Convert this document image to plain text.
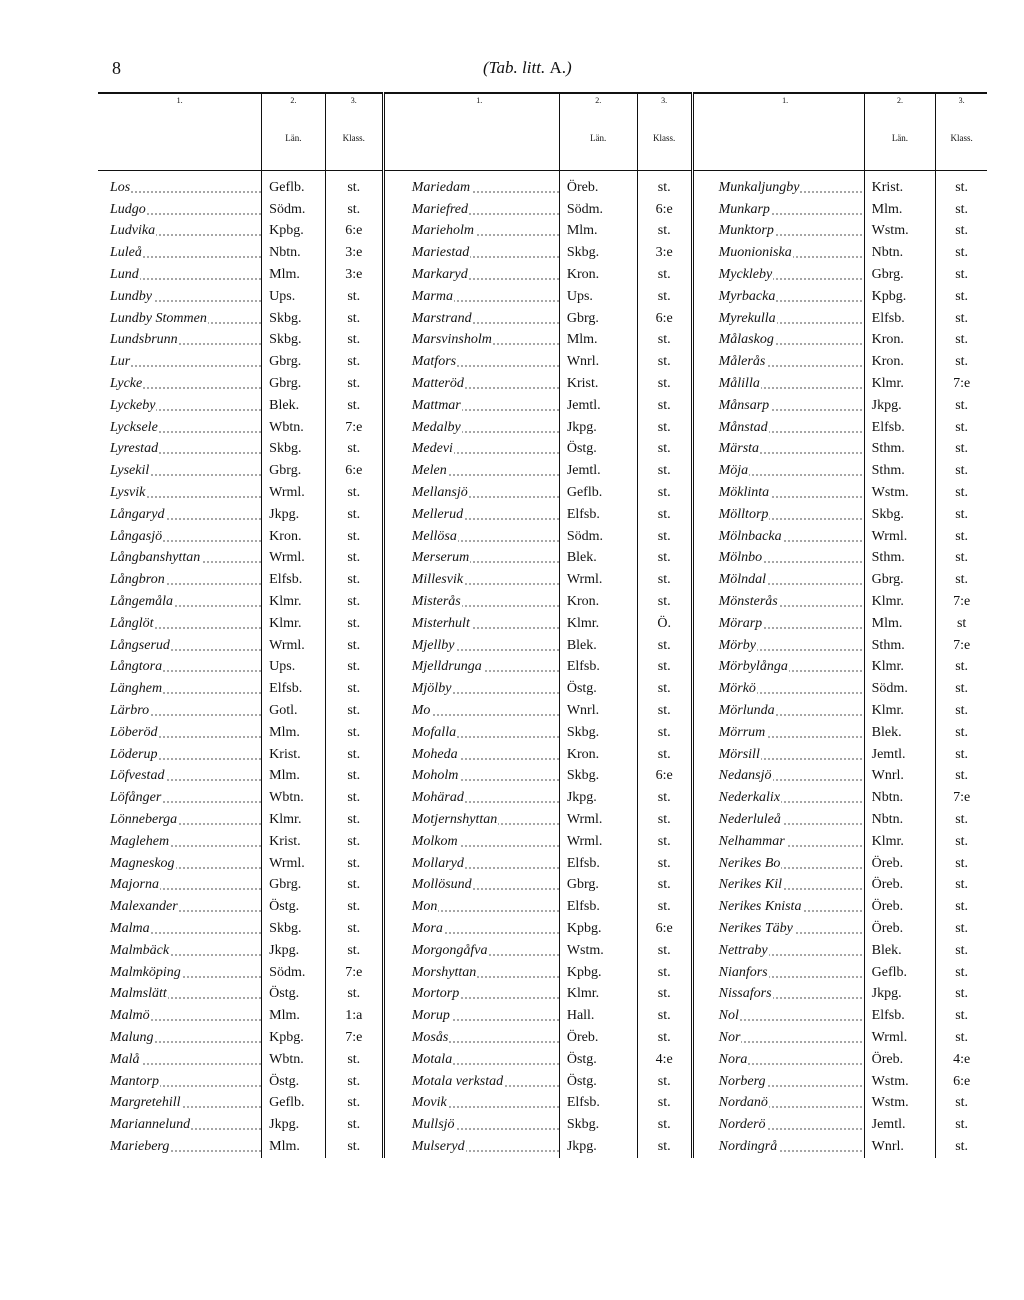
8	(Tab. litt. A.)
1.	2.	3.		1.	2.	3.		1.	2.	3.
	Län.	Klass.			Län.	Klass.			Län.	Klass.
Los	Geflb.	st.		Mariedam	Öreb.	st.		Munkaljungby	Krist.	st.
Ludgo	Södm.	st.		Mariefred	Södm.	6:e		Munkarp	Mlm.	st.
Ludvika	Kpbg.	6:e		Marieholm	Mlm.	st.		Munktorp	Wstm.	st.
Luleå	Nbtn.	3:e		Mariestad	Skbg.	3:e		Muonioniska	Nbtn.	st.
Lund	Mlm.	3:e		Markaryd	Kron.	st.		Mycklebу	Gbrg.	st.
Lundby	Ups.	st.		Marma	Ups.	st.		Myrbacka	Kpbg.	st.
Lundby Stommen	Skbg.	st.		Marstrand	Gbrg.	6:e		Myrekulla	Elfsb.	st.
Lundsbrunn	Skbg.	st.		Marsvinsholm	Mlm.	st.		Målaskog	Kron.	st.
Lur	Gbrg.	st.		Matfors	Wnrl.	st.		Målerås	Kron.	st.
Lycke	Gbrg.	st.		Matteröd	Krist.	st.		Målilla	Klmr.	7:e
Lyckeby	Blek.	st.		Mattmar	Jemtl.	st.		Månsarp	Jkpg.	st.
Lycksele	Wbtn.	7:e		Medalby	Jkpg.	st.		Månstad	Elfsb.	st.
Lyrestad	Skbg.	st.		Medevi	Östg.	st.		Märsta	Sthm.	st.
Lysekil	Gbrg.	6:e		Melen	Jemtl.	st.		Möja	Sthm.	st.
Lysvik	Wrml.	st.		Mellansjö	Geflb.	st.		Möklinta	Wstm.	st.
Långaryd	Jkpg.	st.		Mellerud	Elfsb.	st.		Mölltorp	Skbg.	st.
Långasjö	Kron.	st.		Mellösa	Södm.	st.		Mölnbacka	Wrml.	st.
Långbanshyttan	Wrml.	st.		Merserum	Blek.	st.		Mölnbo	Sthm.	st.
Långbron	Elfsb.	st.		Millesvik	Wrml.	st.		Mölndal	Gbrg.	st.
Långemåla	Klmr.	st.		Misterås	Kron.	st.		Mönsterås	Klmr.	7:e
Långlöt	Klmr.	st.		Misterhult	Klmr.	Ö.		Mörarp	Mlm.	st
Långserud	Wrml.	st.		Mjellby	Blek.	st.		Mörby	Sthm.	7:e
Långtora	Ups.	st.		Mjelldrunga	Elfsb.	st.		Mörbylånga	Klmr.	st.
Länghem	Elfsb.	st.		Mjölby	Östg.	st.		Mörkö	Södm.	st.
Lärbro	Gotl.	st.		Mo	Wnrl.	st.		Mörlunda	Klmr.	st.
Löberöd	Mlm.	st.		Mofalla	Skbg.	st.		Mörrum	Blek.	st.
Löderup	Krist.	st.		Moheda	Kron.	st.		Mörsill	Jemtl.	st.
Löfvestad	Mlm.	st.		Moholm	Skbg.	6:e		Nedansjö	Wnrl.	st.
Löfånger	Wbtn.	st.		Mohärad	Jkpg.	st.		Nederkalix	Nbtn.	7:e
Lönneberga	Klmr.	st.		Motjernshyttan	Wrml.	st.		Nederluleå	Nbtn.	st.
Maglehem	Krist.	st.		Molkom	Wrml.	st.		Nelhammar	Klmr.	st.
Magneskog	Wrml.	st.		Mollaryd	Elfsb.	st.		Nerikes Bo	Öreb.	st.
Majorna	Gbrg.	st.		Mollösund	Gbrg.	st.		Nerikes Kil	Öreb.	st.
Malexander	Östg.	st.		Mon	Elfsb.	st.		Nerikes Knista	Öreb.	st.
Malma	Skbg.	st.		Mora	Kpbg.	6:e		Nerikes Täby	Öreb.	st.
Malmbäck	Jkpg.	st.		Morgongåfva	Wstm.	st.		Nettraby	Blek.	st.
Malmköping	Södm.	7:e		Morshyttan	Kpbg.	st.		Nianfors	Geflb.	st.
Malmslätt	Östg.	st.		Mortorp	Klmr.	st.		Nissafors	Jkpg.	st.
Malmö	Mlm.	1:a		Morup	Hall.	st.		Nol	Elfsb.	st.
Malung	Kpbg.	7:e		Mosås	Öreb.	st.		Nor	Wrml.	st.
Malå	Wbtn.	st.		Motala	Östg.	4:e		Nora	Öreb.	4:e
Mantorp	Östg.	st.		Motala verkstad	Östg.	st.		Norberg	Wstm.	6:e
Margretehill	Geflb.	st.		Movik	Elfsb.	st.		Nordanö	Wstm.	st.
Mariannelund	Jkpg.	st.		Mullsjö	Skbg.	st.		Norderö	Jemtl.	st.
Marieberg	Mlm.	st.		Mulseryd	Jkpg.	st.		Nordingrå	Wnrl.	st.
